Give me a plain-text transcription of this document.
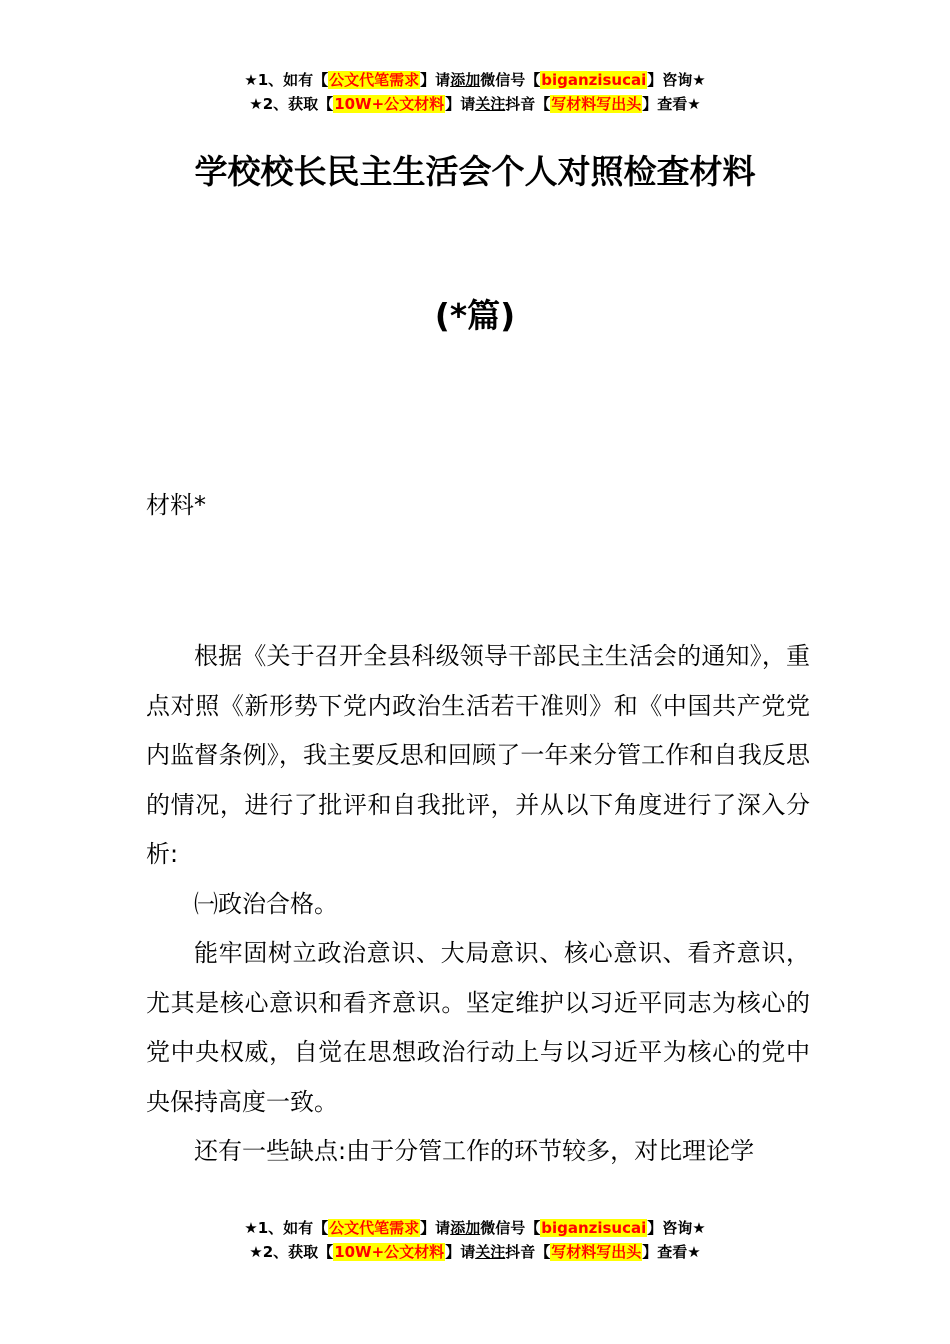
★1、如有【公文代笔需求】请添加微信号【biganzisucai】咨询★
★2、获取【10W+公文材料】请关注抖音【写材料写出头】查看★
学校校长民主生活会个人对照检查材料
(*篇)
材料*

根据《关于召开全县科级领导干部民主生活会的通知》，重点对照《新形势下党内政治生活若干准则》和《中国共产党党内监督条例》，我主要反思和回顾了一年来分管工作和自我反思的情况，进行了批评和自我批评，并从以下角度进行了深入分析:

㈠政治合格。

能牢固树立政治意识、大局意识、核心意识、看齐意识，尤其是核心意识和看齐意识。坚定维护以习近平同志为核心的党中央权威，自觉在思想政治行动上与以习近平为核心的党中央保持高度一致。

还有一些缺点:由于分管工作的环节较多，对比理论学

★1、如有【公文代笔需求】请添加微信号【biganzisucai】咨询★
★2、获取【10W+公文材料】请关注抖音【写材料写出头】查看★
